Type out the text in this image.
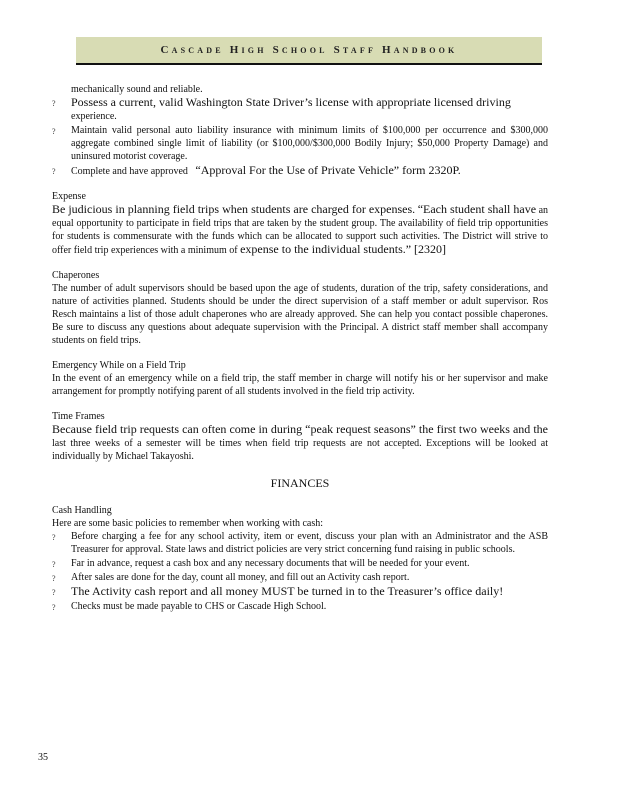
Cascade High School Staff Handbook

mechanically sound and reliable.

? Possess a current, valid Washington State Driver’s license with appropriate licensed driving
experience.
? Maintain valid personal auto liability insurance with minimum limits of $100,000 per occurrence and $300,000 aggregate combined single limit of liability (or $100,000/$300,000 Bodily Injury; $50,000 Property Damage) and uninsured motorist coverage.
? Complete and have approved “Approval For the Use of Private Vehicle” form 2320P.
Expense

Be judicious in planning field trips when students are charged for expenses. “Each student shall have an equal opportunity to participate in field trips that are taken by the student group. The availability of field trip opportunities for students is commensurate with the funds which can be allocated to support such activities. The District will strive to offer field trip experiences with a minimum of expense to the individual students.” [2320]

Chaperones

The number of adult supervisors should be based upon the age of students, duration of the trip, safety considerations, and nature of activities planned. Students should be under the direct supervision of a staff member or adult supervisor. Ros Resch maintains a list of those adult chaperones who are already approved. She can help you contact possible chaperones. Be sure to discuss any questions about adequate supervision with the Principal. A district staff member shall accompany students on field trips.

Emergency While on a Field Trip

In the event of an emergency while on a field trip, the staff member in charge will notify his or her supervisor and make arrangement for promptly notifying parent of all students involved in the field trip activity.

Time Frames

Because field trip requests can often come in during “peak request seasons” the first two weeks and the last three weeks of a semester will be times when field trip requests are not accepted. Exceptions will be looked at individually by Michael Takayoshi.

FINANCES
Cash Handling

Here are some basic policies to remember when working with cash:

? Before charging a fee for any school activity, item or event, discuss your plan with an Administrator and the ASB Treasurer for approval. State laws and district policies are very strict concerning fund raising in public schools.
? Far in advance, request a cash box and any necessary documents that will be needed for your event.
? After sales are done for the day, count all money, and fill out an Activity cash report.
? The Activity cash report and all money MUST be turned in to the Treasurer’s office daily!
? Checks must be made payable to CHS or Cascade High School.
35
